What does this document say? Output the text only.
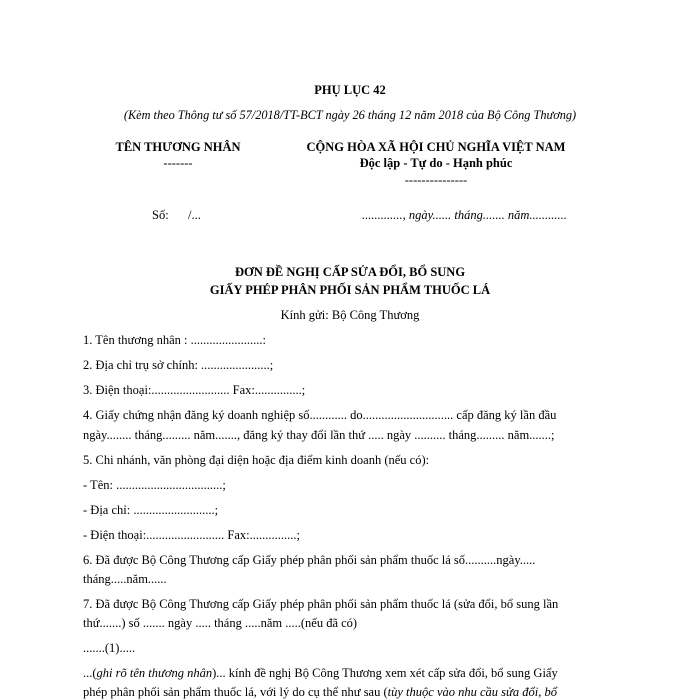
PHỤ LỤC 42
(Kèm theo Thông tư số 57/2018/TT-BCT ngày 26 tháng 12 năm 2018 của Bộ Công Thương)
TÊN THƯƠNG NHÂN
-------
CỘNG HÒA XÃ HỘI CHỦ NGHĨA VIỆT NAM
Độc lập - Tự do - Hạnh phúc
---------------
Số: /...	............., ngày...... tháng....... năm............
ĐƠN ĐỀ NGHỊ CẤP SỬA ĐỔI, BỔ SUNG
GIẤY PHÉP PHÂN PHỐI SẢN PHẨM THUỐC LÁ
Kính gửi: Bộ Công Thương
1. Tên thương nhân : .......................:
2. Địa chỉ trụ sở chính: ......................;
3. Điện thoại:......................... Fax:...............;
4. Giấy chứng nhận đăng ký doanh nghiệp số............ do............................. cấp đăng ký lần đầu
ngày........ tháng......... năm......., đăng ký thay đổi lần thứ ..... ngày .......... tháng......... năm.......;
5. Chi nhánh, văn phòng đại diện hoặc địa điểm kinh doanh (nếu có):
- Tên: ..................................;
- Địa chỉ: ..........................;
- Điện thoại:......................... Fax:...............;
6. Đã được Bộ Công Thương cấp Giấy phép phân phối sản phẩm thuốc lá số..........ngày.....
tháng.....năm......
7. Đã được Bộ Công Thương cấp Giấy phép phân phối sản phẩm thuốc lá (sửa đổi, bổ sung lần
thứ.......) số ....... ngày ..... tháng .....năm .....(nếu đã có)
.......(1).....
...(ghi rõ tên thương nhân)... kính đề nghị Bộ Công Thương xem xét cấp sửa đổi, bổ sung Giấy
phép phân phối sản phẩm thuốc lá, với lý do cụ thể như sau (tùy thuộc vào nhu cầu sửa đổi, bổ
